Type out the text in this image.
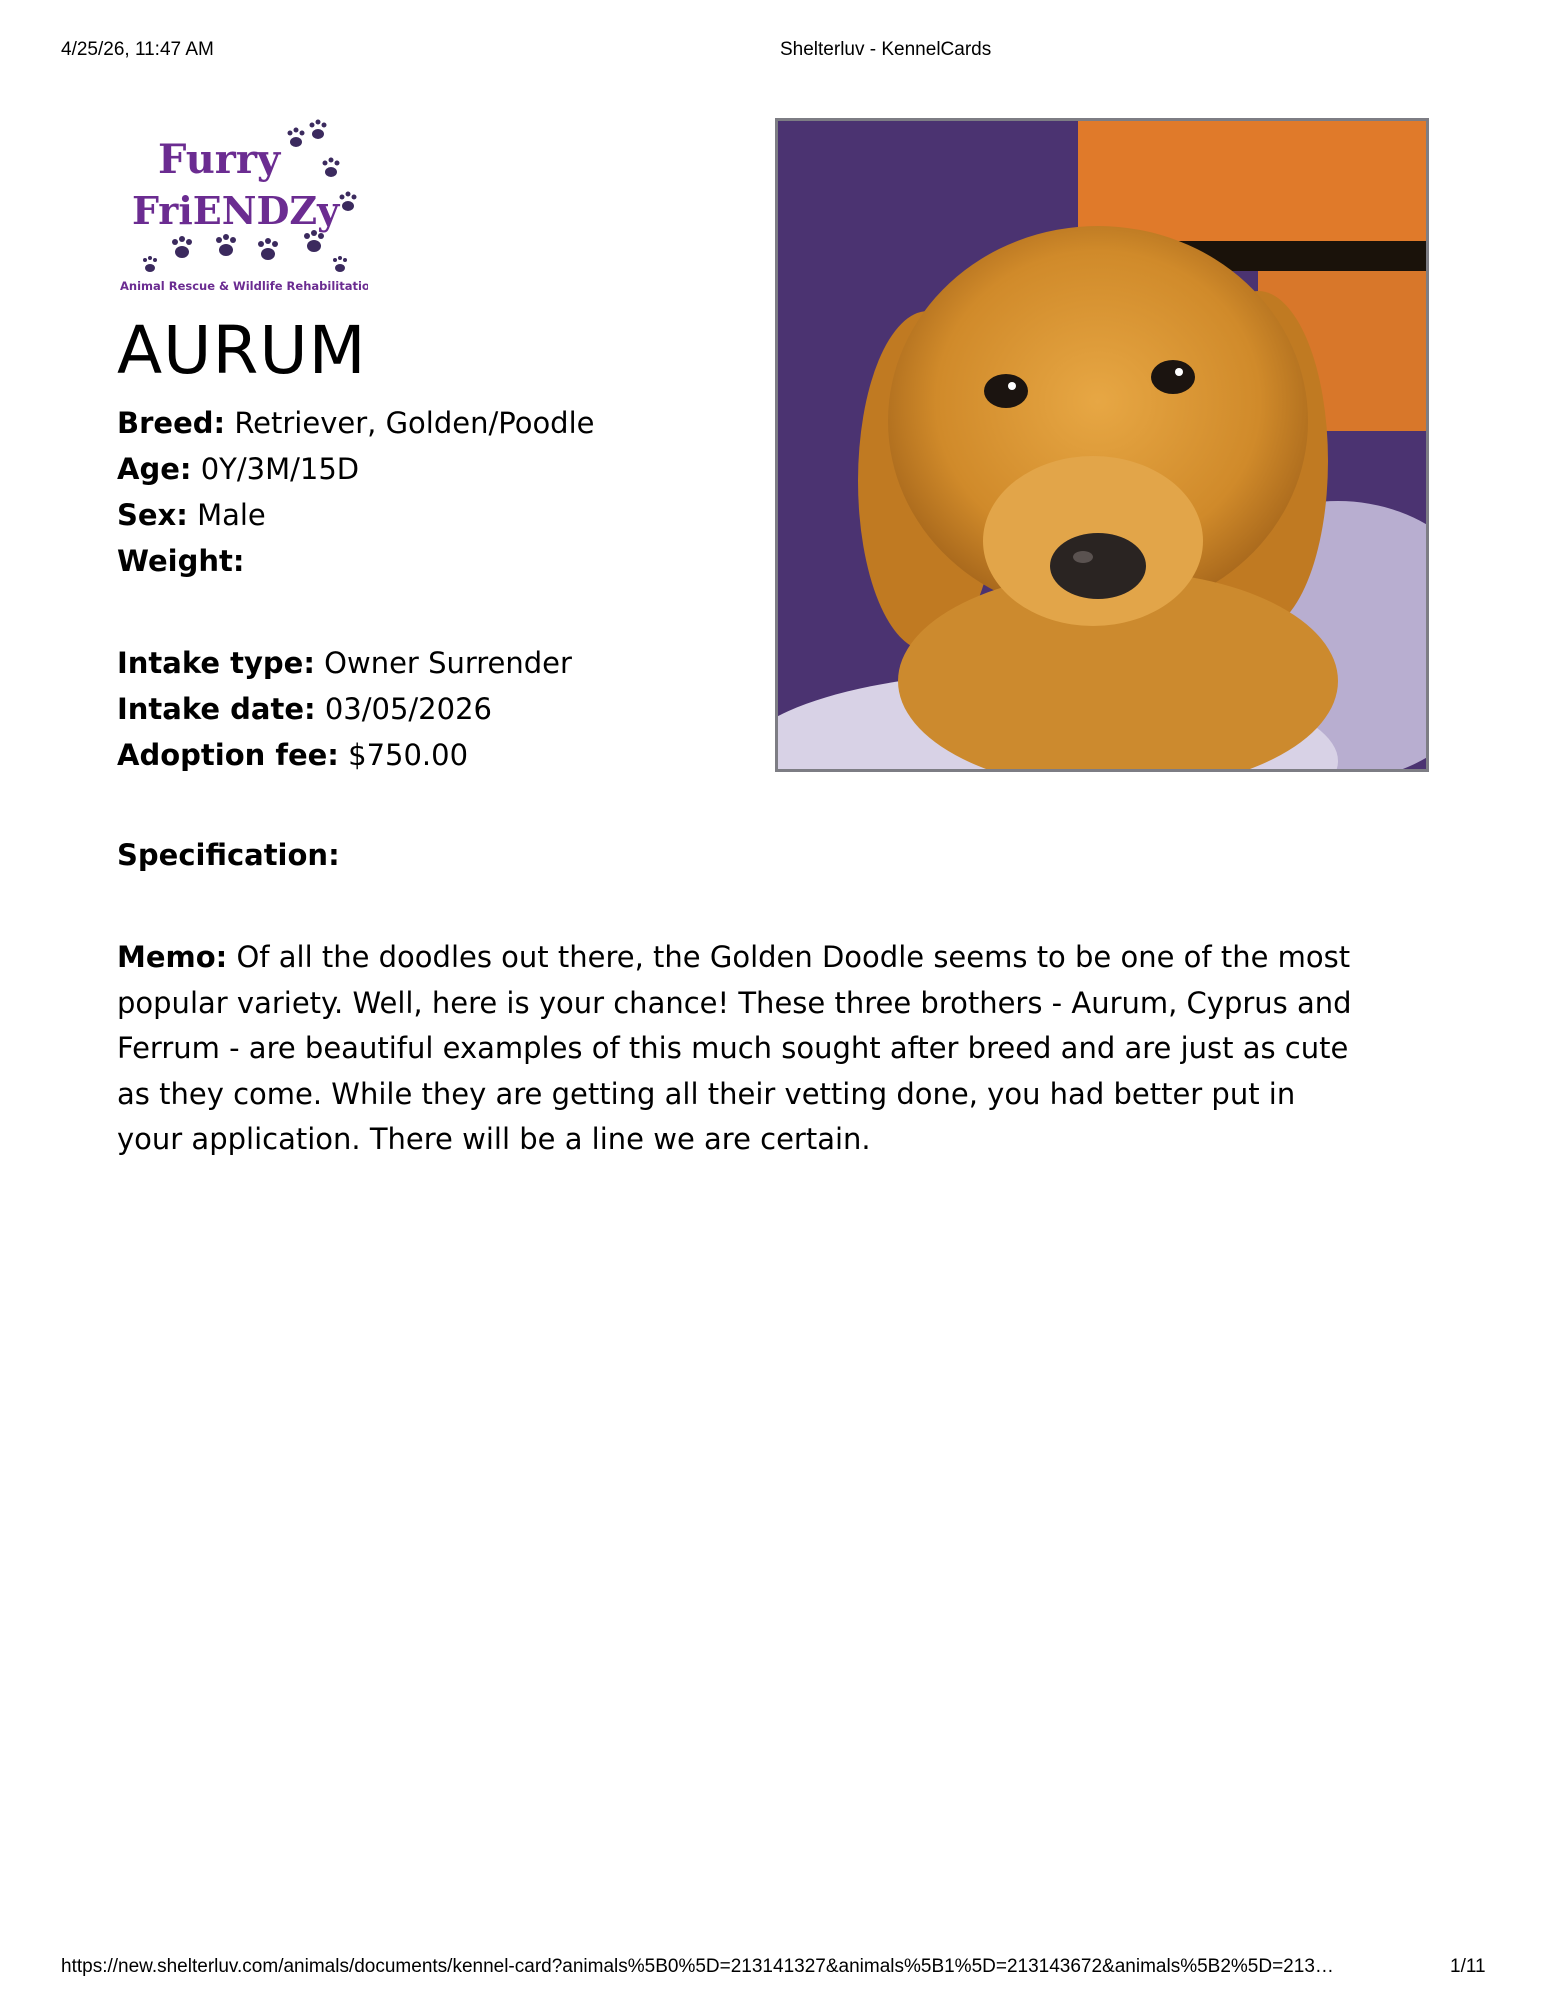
4/25/26, 11:47 AM	Shelterluv - KennelCards
Furry
FriENDZy
Animal Rescue & Wildlife Rehabilitation
AURUM
Breed: Retriever, Golden/Poodle
Age: 0Y/3M/15D
Sex: Male
Weight:
Intake type: Owner Surrender
Intake date: 03/05/2026
Adoption fee: $750.00
Specification:
Memo: Of all the doodles out there, the Golden Doodle seems to be one of the most popular variety. Well, here is your chance! These three brothers - Aurum, Cyprus and Ferrum - are beautiful examples of this much sought after breed and are just as cute as they come. While they are getting all their vetting done, you had better put in your application. There will be a line we are certain.
https://new.shelterluv.com/animals/documents/kennel-card?animals%5B0%5D=213141327&animals%5B1%5D=213143672&animals%5B2%5D=213…	1/11
